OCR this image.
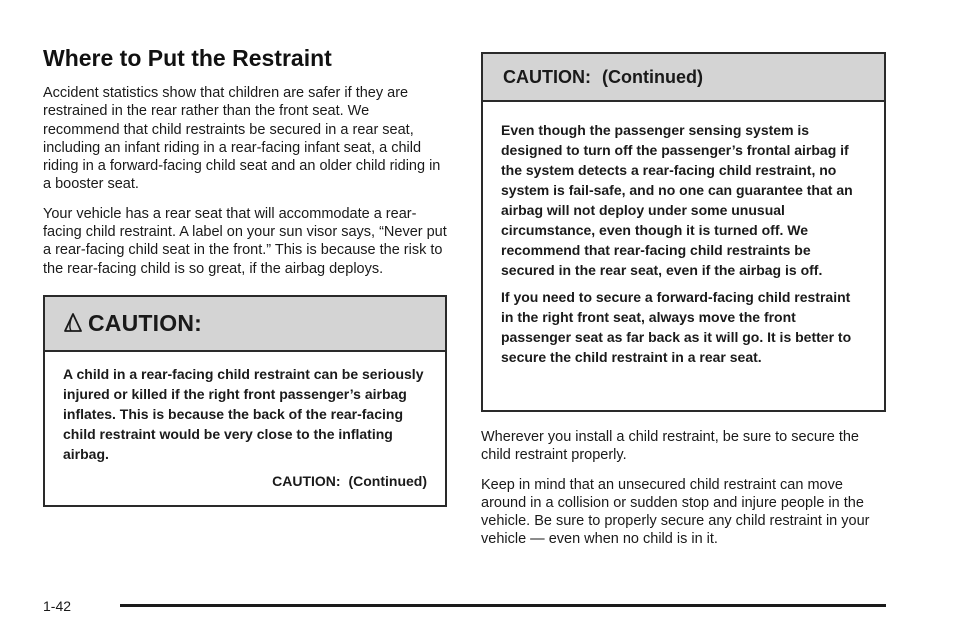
Where to Put the Restraint

Accident statistics show that children are safer if they are restrained in the rear rather than the front seat. We recommend that child restraints be secured in a rear seat, including an infant riding in a rear-facing infant seat, a child riding in a forward-facing child seat and an older child riding in a booster seat.

Your vehicle has a rear seat that will accommodate a rear-facing child restraint. A label on your sun visor says, “Never put a rear-facing child seat in the front.” This is because the risk to the rear-facing child is so great, if the airbag deploys.

CAUTION:

A child in a rear-facing child restraint can be seriously injured or killed if the right front passenger’s airbag inflates. This is because the back of the rear-facing child restraint would be very close to the inflating airbag.

CAUTION: (Continued)
CAUTION: (Continued)

Even though the passenger sensing system is designed to turn off the passenger’s frontal airbag if the system detects a rear-facing child restraint, no system is fail-safe, and no one can guarantee that an airbag will not deploy under some unusual circumstance, even though it is turned off. We recommend that rear-facing child restraints be secured in the rear seat, even if the airbag is off.

If you need to secure a forward-facing child restraint in the right front seat, always move the front passenger seat as far back as it will go. It is better to secure the child restraint in a rear seat.

Wherever you install a child restraint, be sure to secure the child restraint properly.

Keep in mind that an unsecured child restraint can move around in a collision or sudden stop and injure people in the vehicle. Be sure to properly secure any child restraint in your vehicle — even when no child is in it.

1-42
